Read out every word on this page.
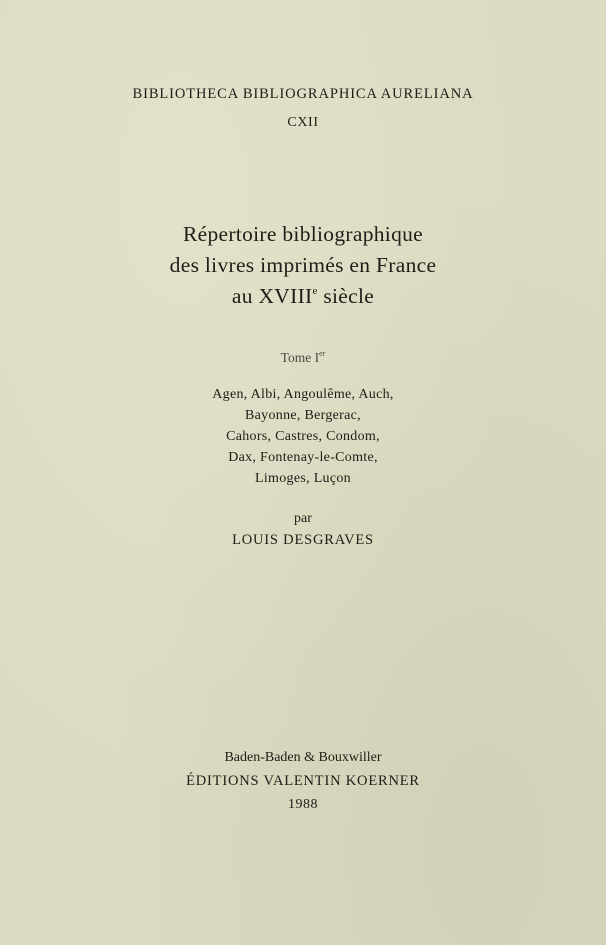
BIBLIOTHECA BIBLIOGRAPHICA AURELIANA
CXII
Répertoire bibliographique
des livres imprimés en France
au XVIIIe siècle
Tome Ier
Agen, Albi, Angoulême, Auch,
Bayonne, Bergerac,
Cahors, Castres, Condom,
Dax, Fontenay-le-Comte,
Limoges, Luçon
par
LOUIS DESGRAVES
Baden-Baden & Bouxwiller
ÉDITIONS VALENTIN KOERNER
1988
